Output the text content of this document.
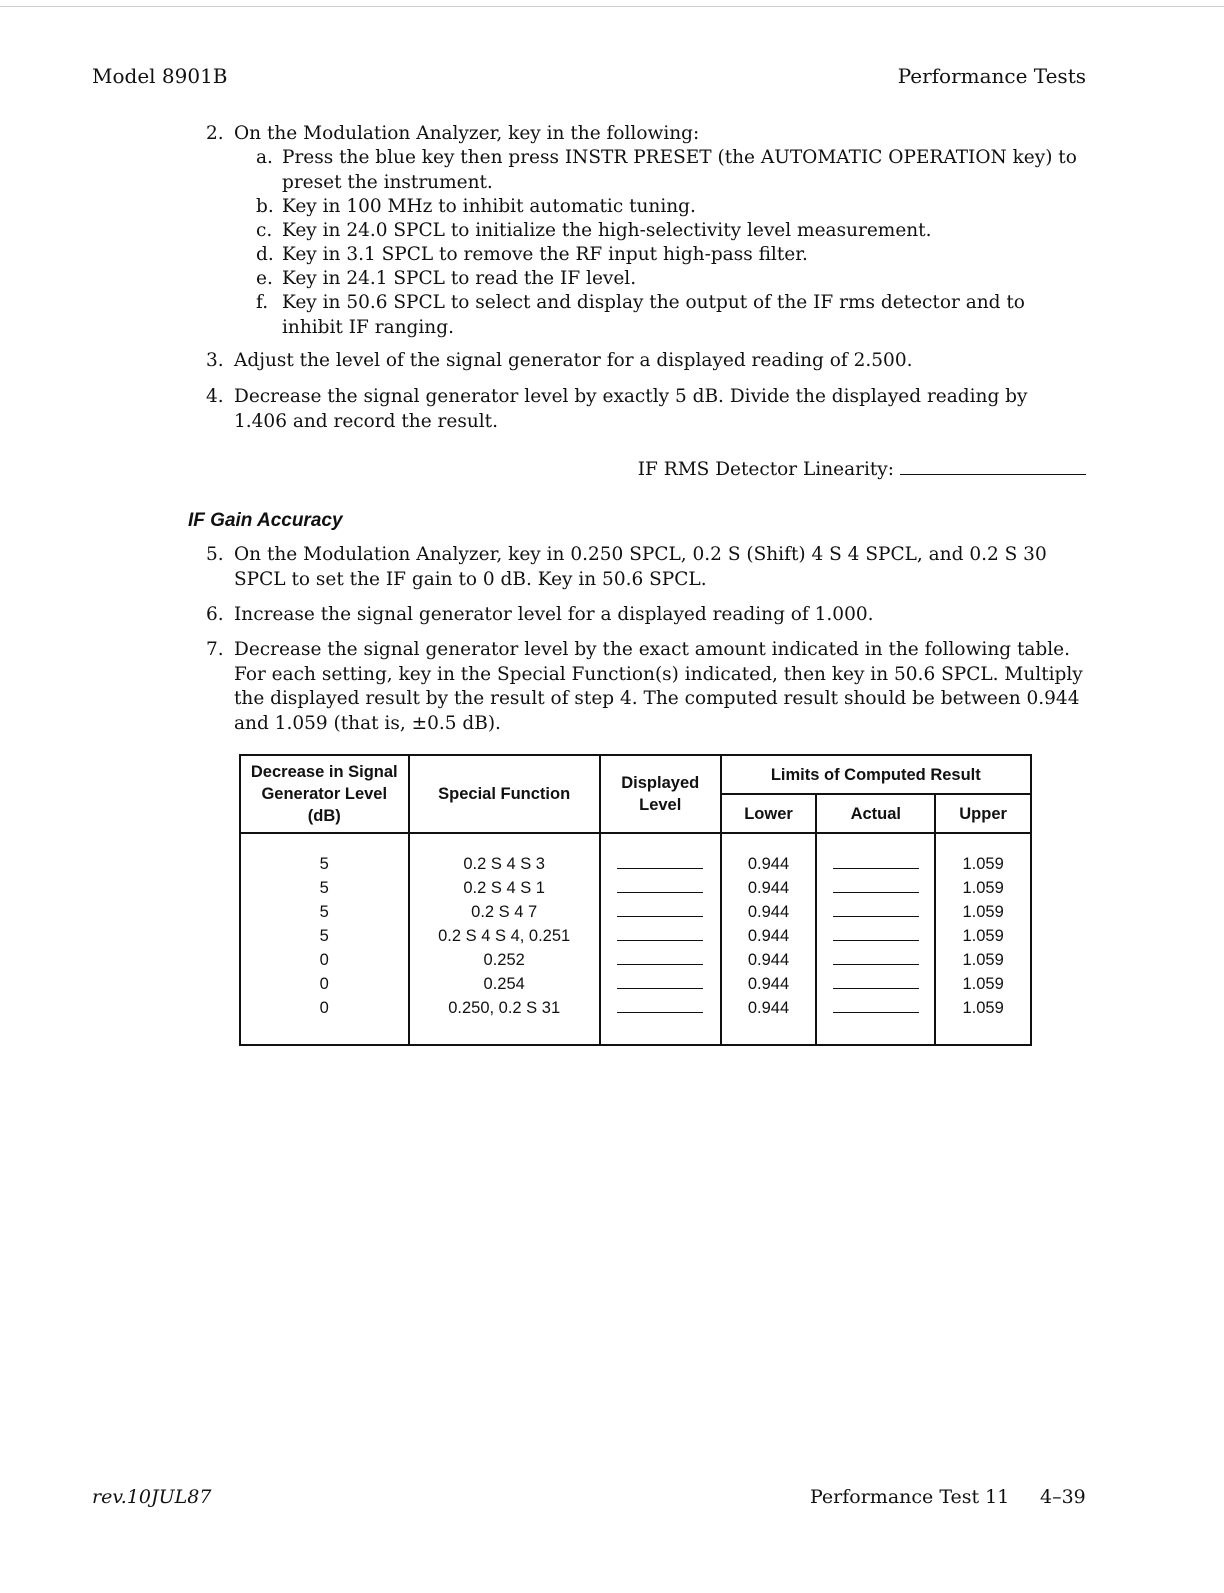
Model 8901B	Performance Tests
2. On the Modulation Analyzer, key in the following:
a. Press the blue key then press INSTR PRESET (the AUTOMATIC OPERATION key) to preset the instrument.
b. Key in 100 MHz to inhibit automatic tuning.
c. Key in 24.0 SPCL to initialize the high-selectivity level measurement.
d. Key in 3.1 SPCL to remove the RF input high-pass filter.
e. Key in 24.1 SPCL to read the IF level.
f. Key in 50.6 SPCL to select and display the output of the IF rms detector and to inhibit IF ranging.
3. Adjust the level of the signal generator for a displayed reading of 2.500.
4. Decrease the signal generator level by exactly 5 dB. Divide the displayed reading by 1.406 and record the result.
IF RMS Detector Linearity:
IF Gain Accuracy
5. On the Modulation Analyzer, key in 0.250 SPCL, 0.2 S (Shift) 4 S 4 SPCL, and 0.2 S 30 SPCL to set the IF gain to 0 dB. Key in 50.6 SPCL.
6. Increase the signal generator level for a displayed reading of 1.000.
7. Decrease the signal generator level by the exact amount indicated in the following table. For each setting, key in the Special Function(s) indicated, then key in 50.6 SPCL. Multiply the displayed result by the result of step 4. The computed result should be between 0.944 and 1.059 (that is, ±0.5 dB).
Decrease in Signal Generator Level (dB)	Special Function	Displayed Level	Limits of Computed Result		
			Lower	Actual	Upper

5	0.2 S 4 S 3		0.944		1.059
5	0.2 S 4 S 1		0.944		1.059
5	0.2 S 4 7		0.944		1.059
5	0.2 S 4 S 4, 0.251		0.944		1.059
0	0.252		0.944		1.059
0	0.254		0.944		1.059
0	0.250, 0.2 S 31		0.944		1.059

rev.10JUL87	Performance Test 11 4–39
